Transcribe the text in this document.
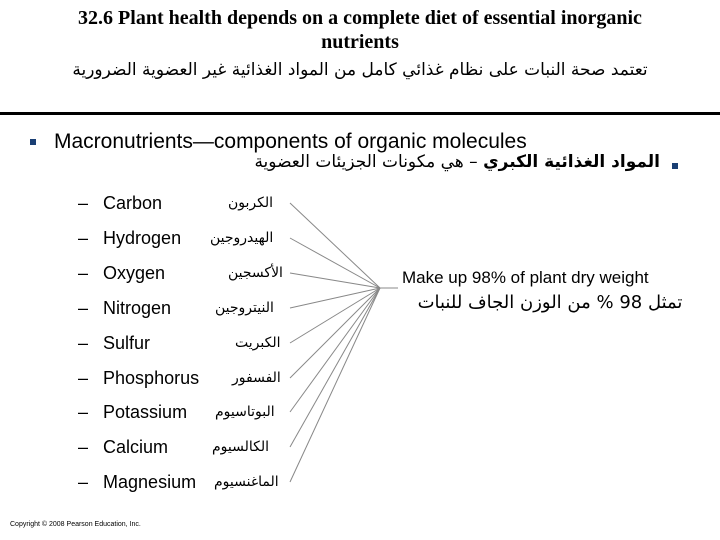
32.6 Plant health depends on a complete diet of essential inorganic
nutrients
تعتمد صحة النبات على نظام غذائي كامل من المواد الغذائية غير العضوية الضرورية
Macronutrients—components of organic molecules
المواد الغذائية الكبري – هي مكونات الجزيئات العضوية
– Carbon	الكربون
– Hydrogen الهيدروجين
– Oxygen	الأكسجين
– Nitrogen	النيتروجين
– Sulfur	الكبريت
– Phosphorus الفسفور
– Potassium البوتاسيوم
– Calcium	الكالسيوم
– Magnesium الماغنسيوم
Make up 98% of plant dry weight
تمثل 98 % من الوزن الجاف للنبات
Copyright © 2008 Pearson Education, Inc.
